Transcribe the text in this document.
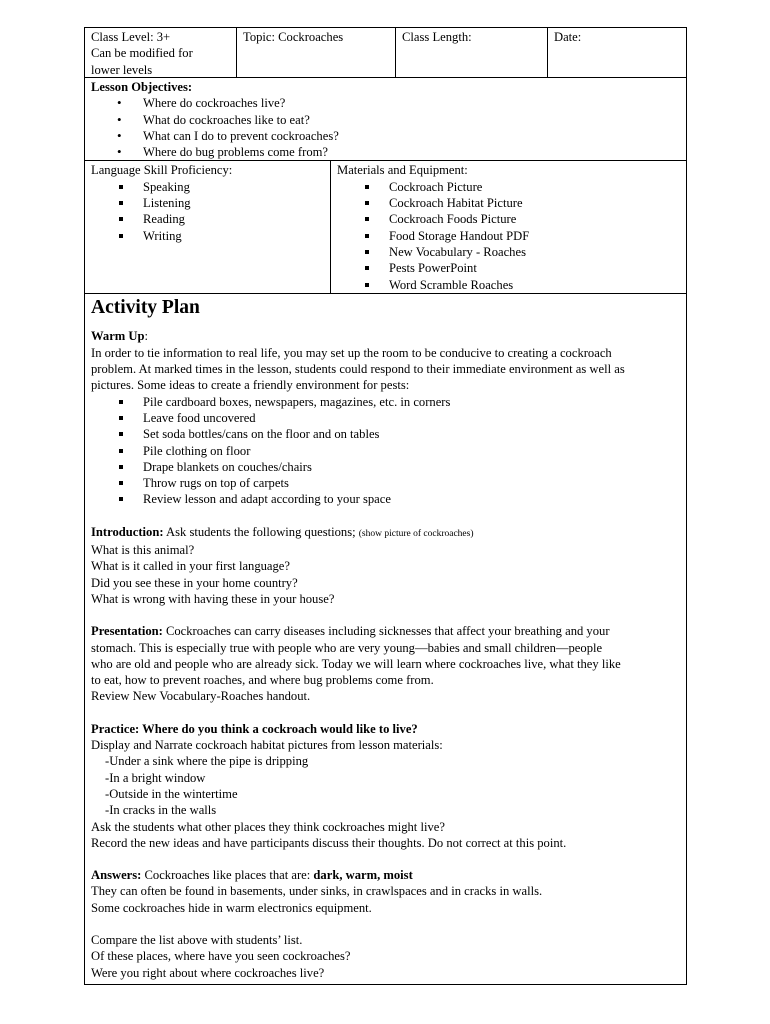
Class Level: 3+
Can be modified for
lower levels
Topic: Cockroaches	Class Length:	Date:
Lesson Objectives:
• Where do cockroaches live?
• What do cockroaches like to eat?
• What can I do to prevent cockroaches?
• Where do bug problems come from?
Language Skill Proficiency:
Speaking
Listening
Reading
Writing
Materials and Equipment:
Cockroach Picture
Cockroach Habitat Picture
Cockroach Foods Picture
Food Storage Handout PDF
New Vocabulary - Roaches
Pests PowerPoint
Word Scramble Roaches
Activity Plan
Warm Up:
In order to tie information to real life, you may set up the room to be conducive to creating a cockroach
problem. At marked times in the lesson, students could respond to their immediate environment as well as
pictures. Some ideas to create a friendly environment for pests:
Pile cardboard boxes, newspapers, magazines, etc. in corners
Leave food uncovered
Set soda bottles/cans on the floor and on tables
Pile clothing on floor
Drape blankets on couches/chairs
Throw rugs on top of carpets
Review lesson and adapt according to your space
Introduction: Ask students the following questions; (show picture of cockroaches)
What is this animal?
What is it called in your first language?
Did you see these in your home country?
What is wrong with having these in your house?
Presentation: Cockroaches can carry diseases including sicknesses that affect your breathing and your
stomach. This is especially true with people who are very young—babies and small children—people
who are old and people who are already sick. Today we will learn where cockroaches live, what they like
to eat, how to prevent roaches, and where bug problems come from.
Review New Vocabulary-Roaches handout.
Practice: Where do you think a cockroach would like to live?
Display and Narrate cockroach habitat pictures from lesson materials:
-Under a sink where the pipe is dripping
-In a bright window
-Outside in the wintertime
-In cracks in the walls
Ask the students what other places they think cockroaches might live?
Record the new ideas and have participants discuss their thoughts. Do not correct at this point.
Answers: Cockroaches like places that are: dark, warm, moist
They can often be found in basements, under sinks, in crawlspaces and in cracks in walls.
Some cockroaches hide in warm electronics equipment.
Compare the list above with students’ list.
Of these places, where have you seen cockroaches?
Were you right about where cockroaches live?
